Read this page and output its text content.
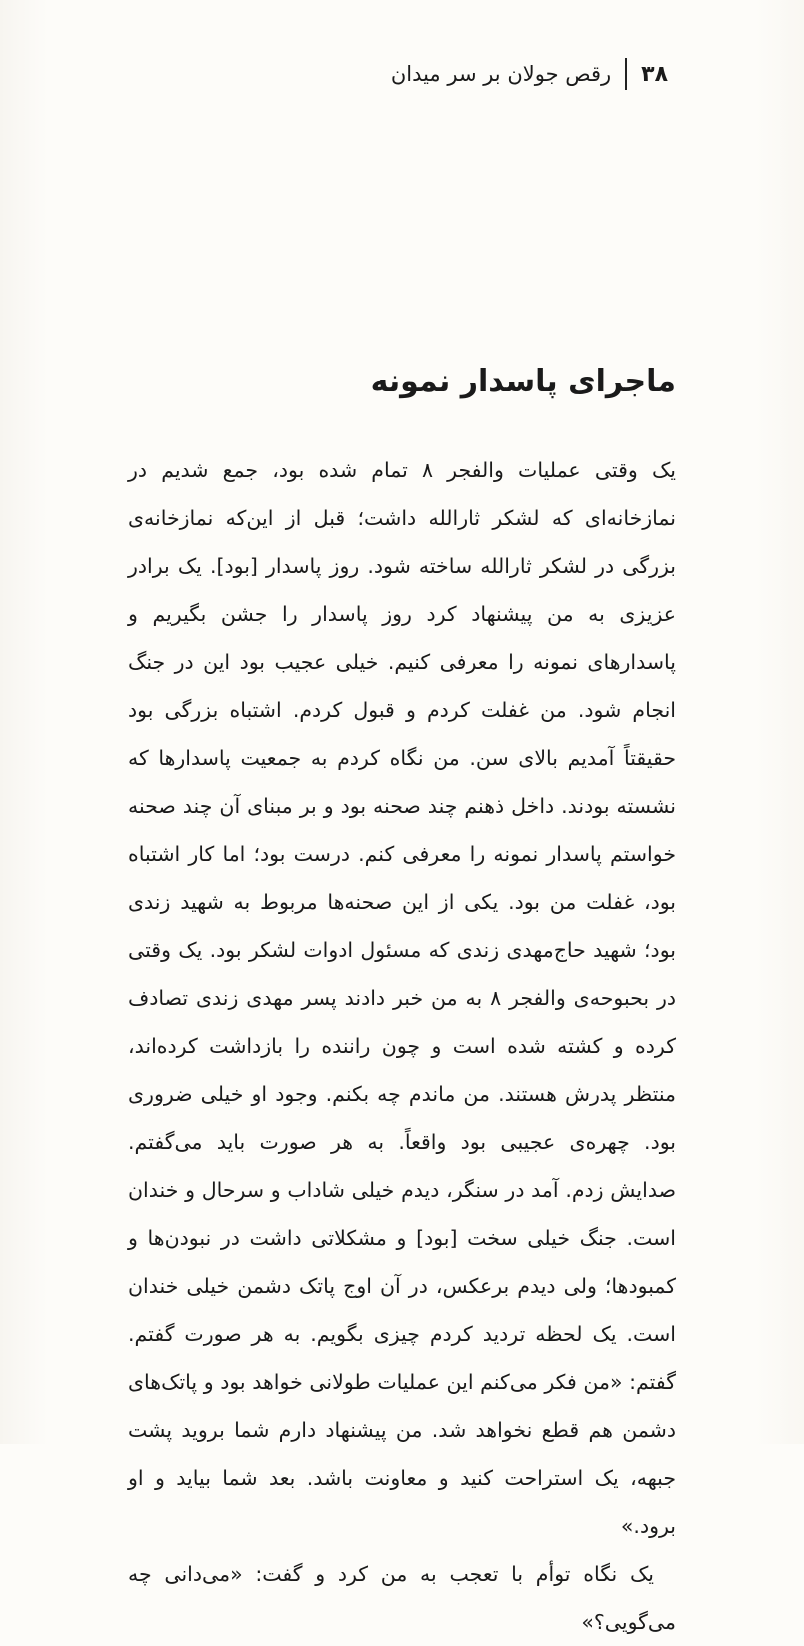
۳۸
رقص جولان بر سر میدان
ماجرای پاسدار نمونه

یک وقتی عملیات والفجر ۸ تمام شده بود، جمع شدیم در نمازخانه‌ای که لشکر ثارالله داشت؛ قبل از این‌که نمازخانه‌ی بزرگی در لشکر ثارالله ساخته شود. روز پاسدار [بود]. یک برادر عزیزی به من پیشنهاد کرد روز پاسدار را جشن بگیریم و پاسدارهای نمونه را معرفی کنیم. خیلی عجیب بود این در جنگ انجام شود. من غفلت کردم و قبول کردم. اشتباه بزرگی بود حقیقتاً آمدیم بالای سن. من نگاه کردم به جمعیت پاسدارها که نشسته بودند. داخل ذهنم چند صحنه بود و بر مبنای آن چند صحنه خواستم پاسدار نمونه را معرفی کنم. درست بود؛ اما کار اشتباه بود، غفلت من بود. یکی از این صحنه‌ها مربوط به شهید زندی بود؛ شهید حاج‌مهدی زندی که مسئول ادوات لشکر بود. یک وقتی در بحبوحه‌ی والفجر ۸ به من خبر دادند پسر مهدی زندی تصادف کرده و کشته شده است و چون راننده را بازداشت کرده‌اند، منتظر پدرش هستند. من ماندم چه بکنم. وجود او خیلی ضروری بود. چهره‌ی عجیبی بود واقعاً. به هر صورت باید می‌گفتم. صدایش زدم. آمد در سنگر، دیدم خیلی شاداب و سرحال و خندان است. جنگ خیلی سخت [بود] و مشکلاتی داشت در نبودن‌ها و کمبودها؛ ولی دیدم برعکس، در آن اوج پاتک دشمن خیلی خندان است. یک لحظه تردید کردم چیزی بگویم. به هر صورت گفتم. گفتم: «من فکر می‌کنم این عملیات طولانی خواهد بود و پاتک‌های دشمن هم قطع نخواهد شد. من پیشنهاد دارم شما بروید پشت جبهه، یک استراحت کنید و معاونت باشد. بعد شما بیاید و او برود.»

یک نگاه توأم با تعجب به من کرد و گفت: «می‌دانی چه می‌گویی؟»
